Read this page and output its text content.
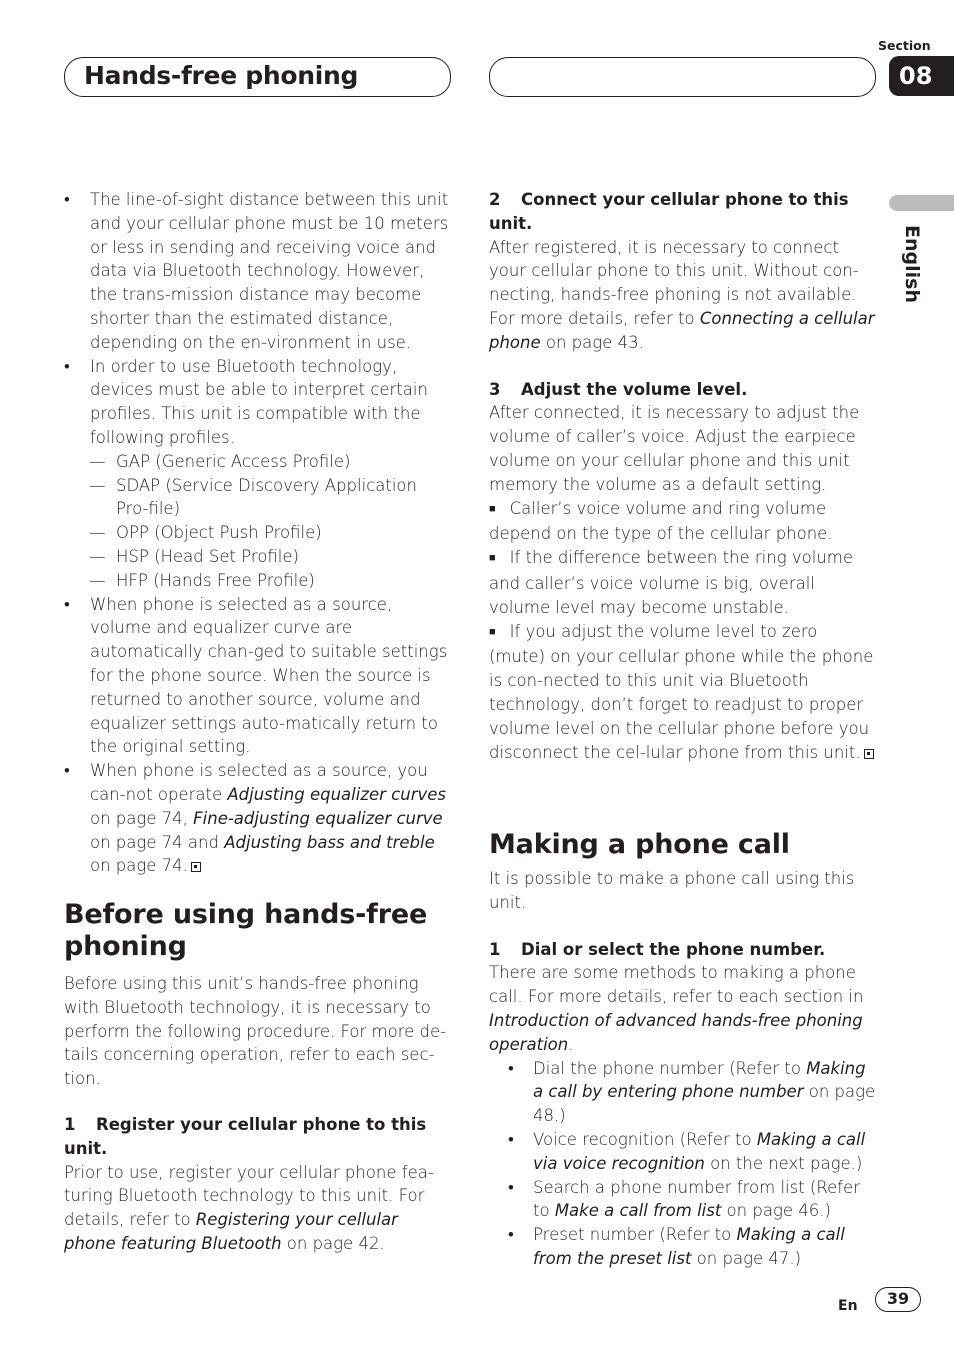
Hands-free phoning
Section
08
English

• The line-of-sight distance between this unit and your cellular phone must be 10 meters or less in sending and receiving voice and data via Bluetooth technology. However, the trans-mission distance may become shorter than the estimated distance, depending on the en-vironment in use.

• In order to use Bluetooth technology, devices must be able to interpret certain profiles. This unit is compatible with the following profiles.

— GAP (Generic Access Profile)

— SDAP (Service Discovery Application Pro-file)

— OPP (Object Push Profile)

— HSP (Head Set Profile)

— HFP (Hands Free Profile)

• When phone is selected as a source, volume and equalizer curve are automatically chan-ged to suitable settings for the phone source. When the source is returned to another source, volume and equalizer settings auto-matically return to the original setting.

• When phone is selected as a source, you can-not operate Adjusting equalizer curves on page 74, Fine-adjusting equalizer curve on page 74 and Adjusting bass and treble on page 74.

Before using hands-free phoning

Before using this unit’s hands-free phoning with Bluetooth technology, it is necessary to perform the following procedure. For more de-tails concerning operation, refer to each sec-tion.

1 Register your cellular phone to this unit.

Prior to use, register your cellular phone fea-turing Bluetooth technology to this unit. For details, refer to Registering your cellular phone featuring Bluetooth on page 42.

2 Connect your cellular phone to this unit.

After registered, it is necessary to connect your cellular phone to this unit. Without con-necting, hands-free phoning is not available. For more details, refer to Connecting a cellular phone on page 43.

3 Adjust the volume level.

After connected, it is necessary to adjust the volume of caller’s voice. Adjust the earpiece volume on your cellular phone and this unit memory the volume as a default setting.

■ Caller’s voice volume and ring volume depend on the type of the cellular phone.

■ If the difference between the ring volume and caller’s voice volume is big, overall volume level may become unstable.

■ If you adjust the volume level to zero (mute) on your cellular phone while the phone is con-nected to this unit via Bluetooth technology, don’t forget to readjust to proper volume level on the cellular phone before you disconnect the cel-lular phone from this unit.

Making a phone call

It is possible to make a phone call using this unit.

1 Dial or select the phone number.

There are some methods to making a phone call. For more details, refer to each section in Introduction of advanced hands-free phoning operation.

• Dial the phone number (Refer to Making a call by entering phone number on page 48.)

• Voice recognition (Refer to Making a call via voice recognition on the next page.)

• Search a phone number from list (Refer to Make a call from list on page 46.)

• Preset number (Refer to Making a call from the preset list on page 47.)

En	39
